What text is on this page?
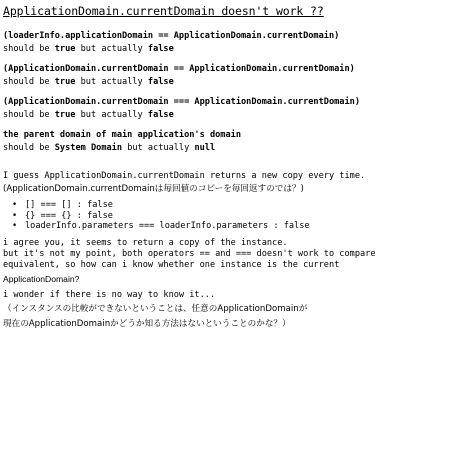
ApplicationDomain.currentDomain doesn't work ??
(loaderInfo.applicationDomain == ApplicationDomain.currentDomain)
should be true but actually false
(ApplicationDomain.currentDomain == ApplicationDomain.currentDomain)
should be true but actually false
(ApplicationDomain.currentDomain === ApplicationDomain.currentDomain)
should be true but actually false
the parent domain of main application's domain
should be System Domain but actually null
I guess ApplicationDomain.currentDomain returns a new copy every time.
(ApplicationDomain.currentDomainは毎回値のコピーを毎回返すのでは？)
• [] === [] : false
• {} === {} : false
• loaderInfo.parameters === loaderInfo.parameters : false
i agree you, it seems to return a copy of the instance.
but it's not my point, both operators == and === doesn't work to compare
equivalent, so how can i know whether one instance is the current
ApplicationDomain?
i wonder if there is no way to know it...
（インスタンスの比較ができないということは、任意のApplicationDomainが
現在のApplicationDomainかどうか知る方法はないということのかな？）
